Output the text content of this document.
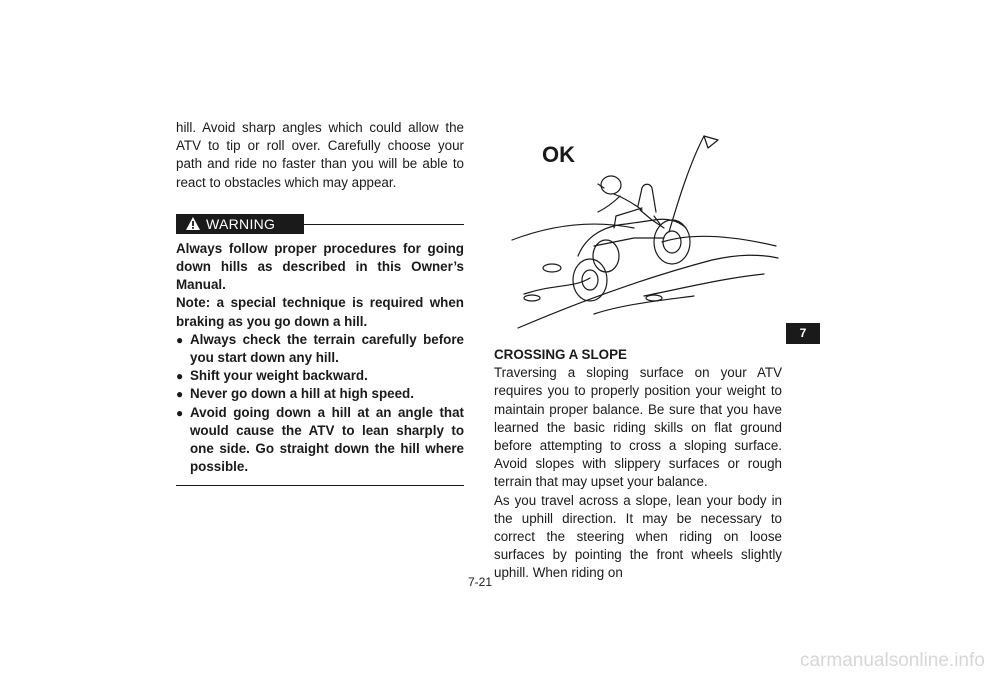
hill. Avoid sharp angles which could allow the ATV to tip or roll over. Carefully choose your path and ride no faster than you will be able to react to obstacles which may appear.

WARNING

Always follow proper procedures for going down hills as described in this Owner’s Manual.

Note: a special technique is required when braking as you go down a hill.

● Always check the terrain carefully before you start down any hill.
● Shift your weight backward.
● Never go down a hill at high speed.
● Avoid going down a hill at an angle that would cause the ATV to lean sharply to one side. Go straight down the hill where possible.
OK

CROSSING A SLOPE

Traversing a sloping surface on your ATV requires you to properly position your weight to maintain proper balance. Be sure that you have learned the basic riding skills on flat ground before attempting to cross a sloping surface. Avoid slopes with slippery surfaces or rough terrain that may upset your balance.

As you travel across a slope, lean your body in the uphill direction. It may be necessary to correct the steering when riding on loose surfaces by pointing the front wheels slightly uphill. When riding on

7
7-21
carmanualsonline.info
